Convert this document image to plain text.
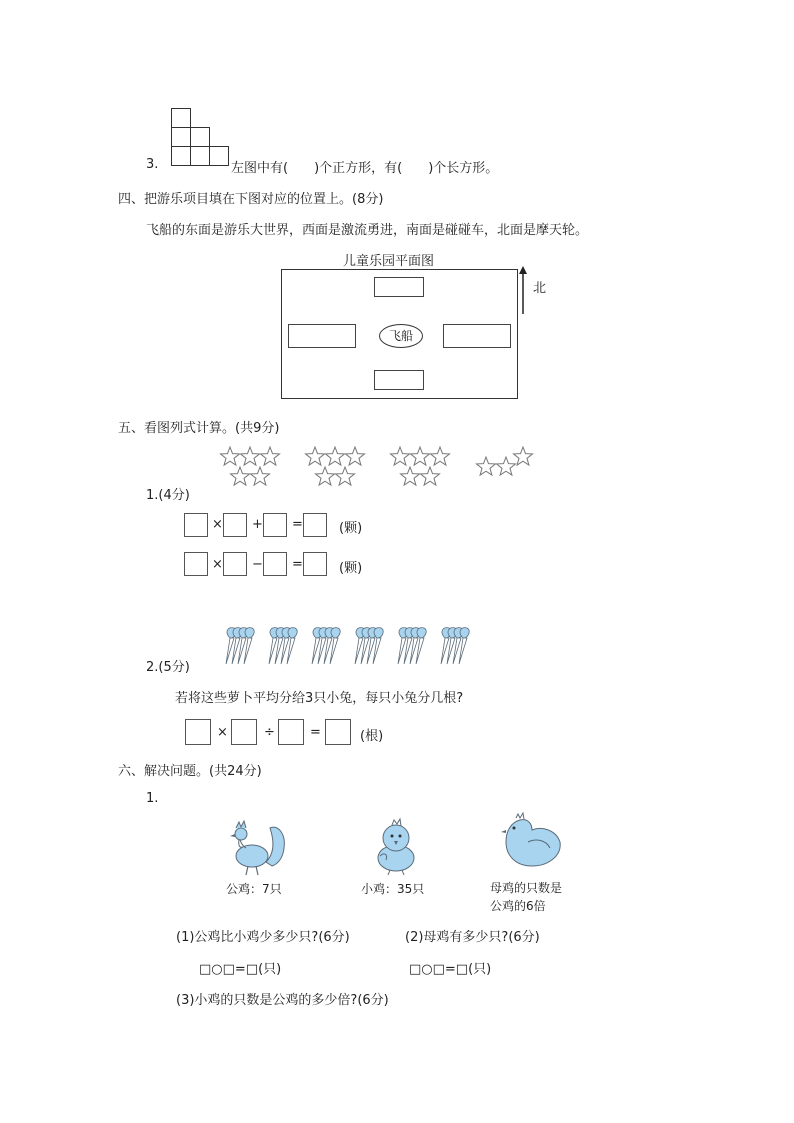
3.	左图中有(　　)个正方形，有(　　)个长方形。
四、把游乐项目填在下图对应的位置上。(8分)
飞船的东面是游乐大世界，西面是激流勇进，南面是碰碰车，北面是摩天轮。
儿童乐园平面图
飞船
北
五、看图列式计算。(共9分)
1.(4分)
× + =	(颗)
× − =	(颗)
2.(5分)
若将这些萝卜平均分给3只小兔，每只小兔分几根?
×	÷	=	(根)
六、解决问题。(共24分)
1.
公鸡：7只	小鸡：35只	母鸡的只数是
公鸡的6倍
(1)公鸡比小鸡少多少只?(6分)	(2)母鸡有多少只?(6分)
□○□=□(只)	□○□=□(只)
(3)小鸡的只数是公鸡的多少倍?(6分)
